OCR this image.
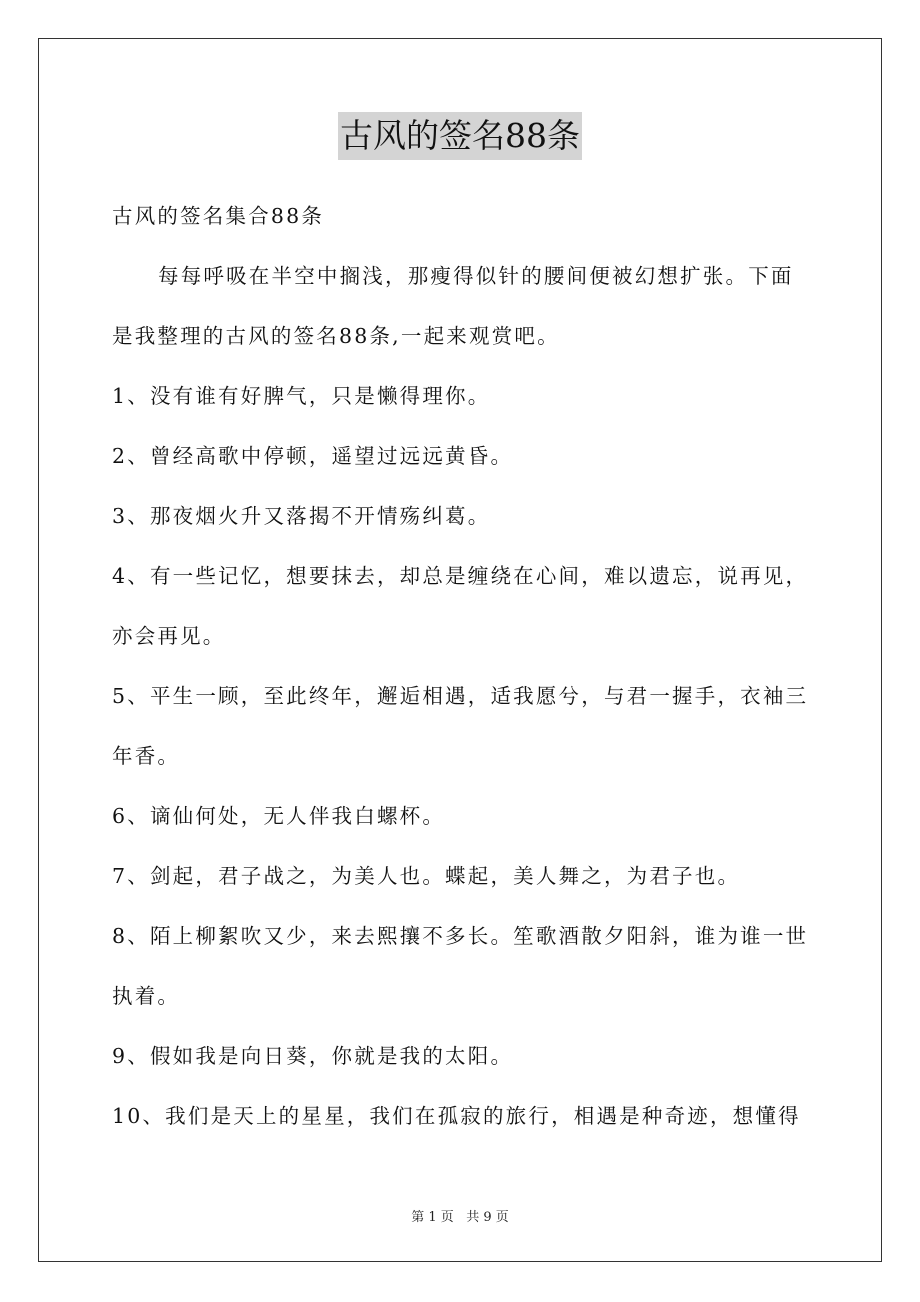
古风的签名88条
古风的签名集合88条
每每呼吸在半空中搁浅，那瘦得似针的腰间便被幻想扩张。下面
是我整理的古风的签名88条,一起来观赏吧。
1、没有谁有好脾气，只是懒得理你。
2、曾经高歌中停顿，遥望过远远黄昏。
3、那夜烟火升又落揭不开情殇纠葛。
4、有一些记忆，想要抹去，却总是缠绕在心间，难以遗忘，说再见，
亦会再见。
5、平生一顾，至此终年，邂逅相遇，适我愿兮，与君一握手，衣袖三
年香。
6、谪仙何处，无人伴我白螺杯。
7、剑起，君子战之，为美人也。蝶起，美人舞之，为君子也。
8、陌上柳絮吹又少，来去熙攘不多长。笙歌酒散夕阳斜，谁为谁一世
执着。
9、假如我是向日葵，你就是我的太阳。
10、我们是天上的星星，我们在孤寂的旅行，相遇是种奇迹，想懂得
第 1 页   共 9 页
